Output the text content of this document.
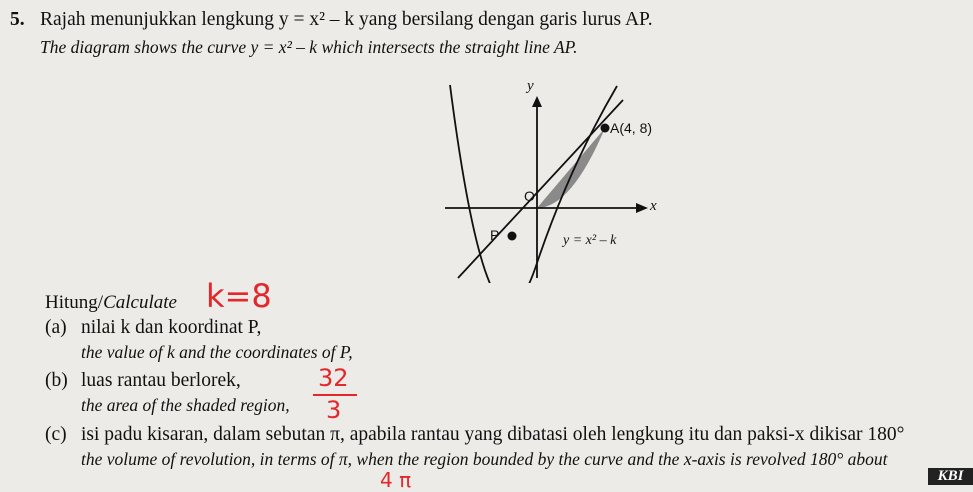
5. Rajah menunjukkan lengkung y = x² – k yang bersilang dengan garis lurus AP.
The diagram shows the curve y = x² – k which intersects the straight line AP.
y
x
O
A(4, 8)
P	y = x² – k
Hitung/Calculate
(a) nilai k dan koordinat P,
the value of k and the coordinates of P,
(b) luas rantau berlorek,
the area of the shaded region,
(c) isi padu kisaran, dalam sebutan π, apabila rantau yang dibatasi oleh lengkung itu dan paksi-x dikisar 180°
the volume of revolution, in terms of π, when the region bounded by the curve and the x-axis is revolved 180° about
k=8
32
3
4 π	KBI
